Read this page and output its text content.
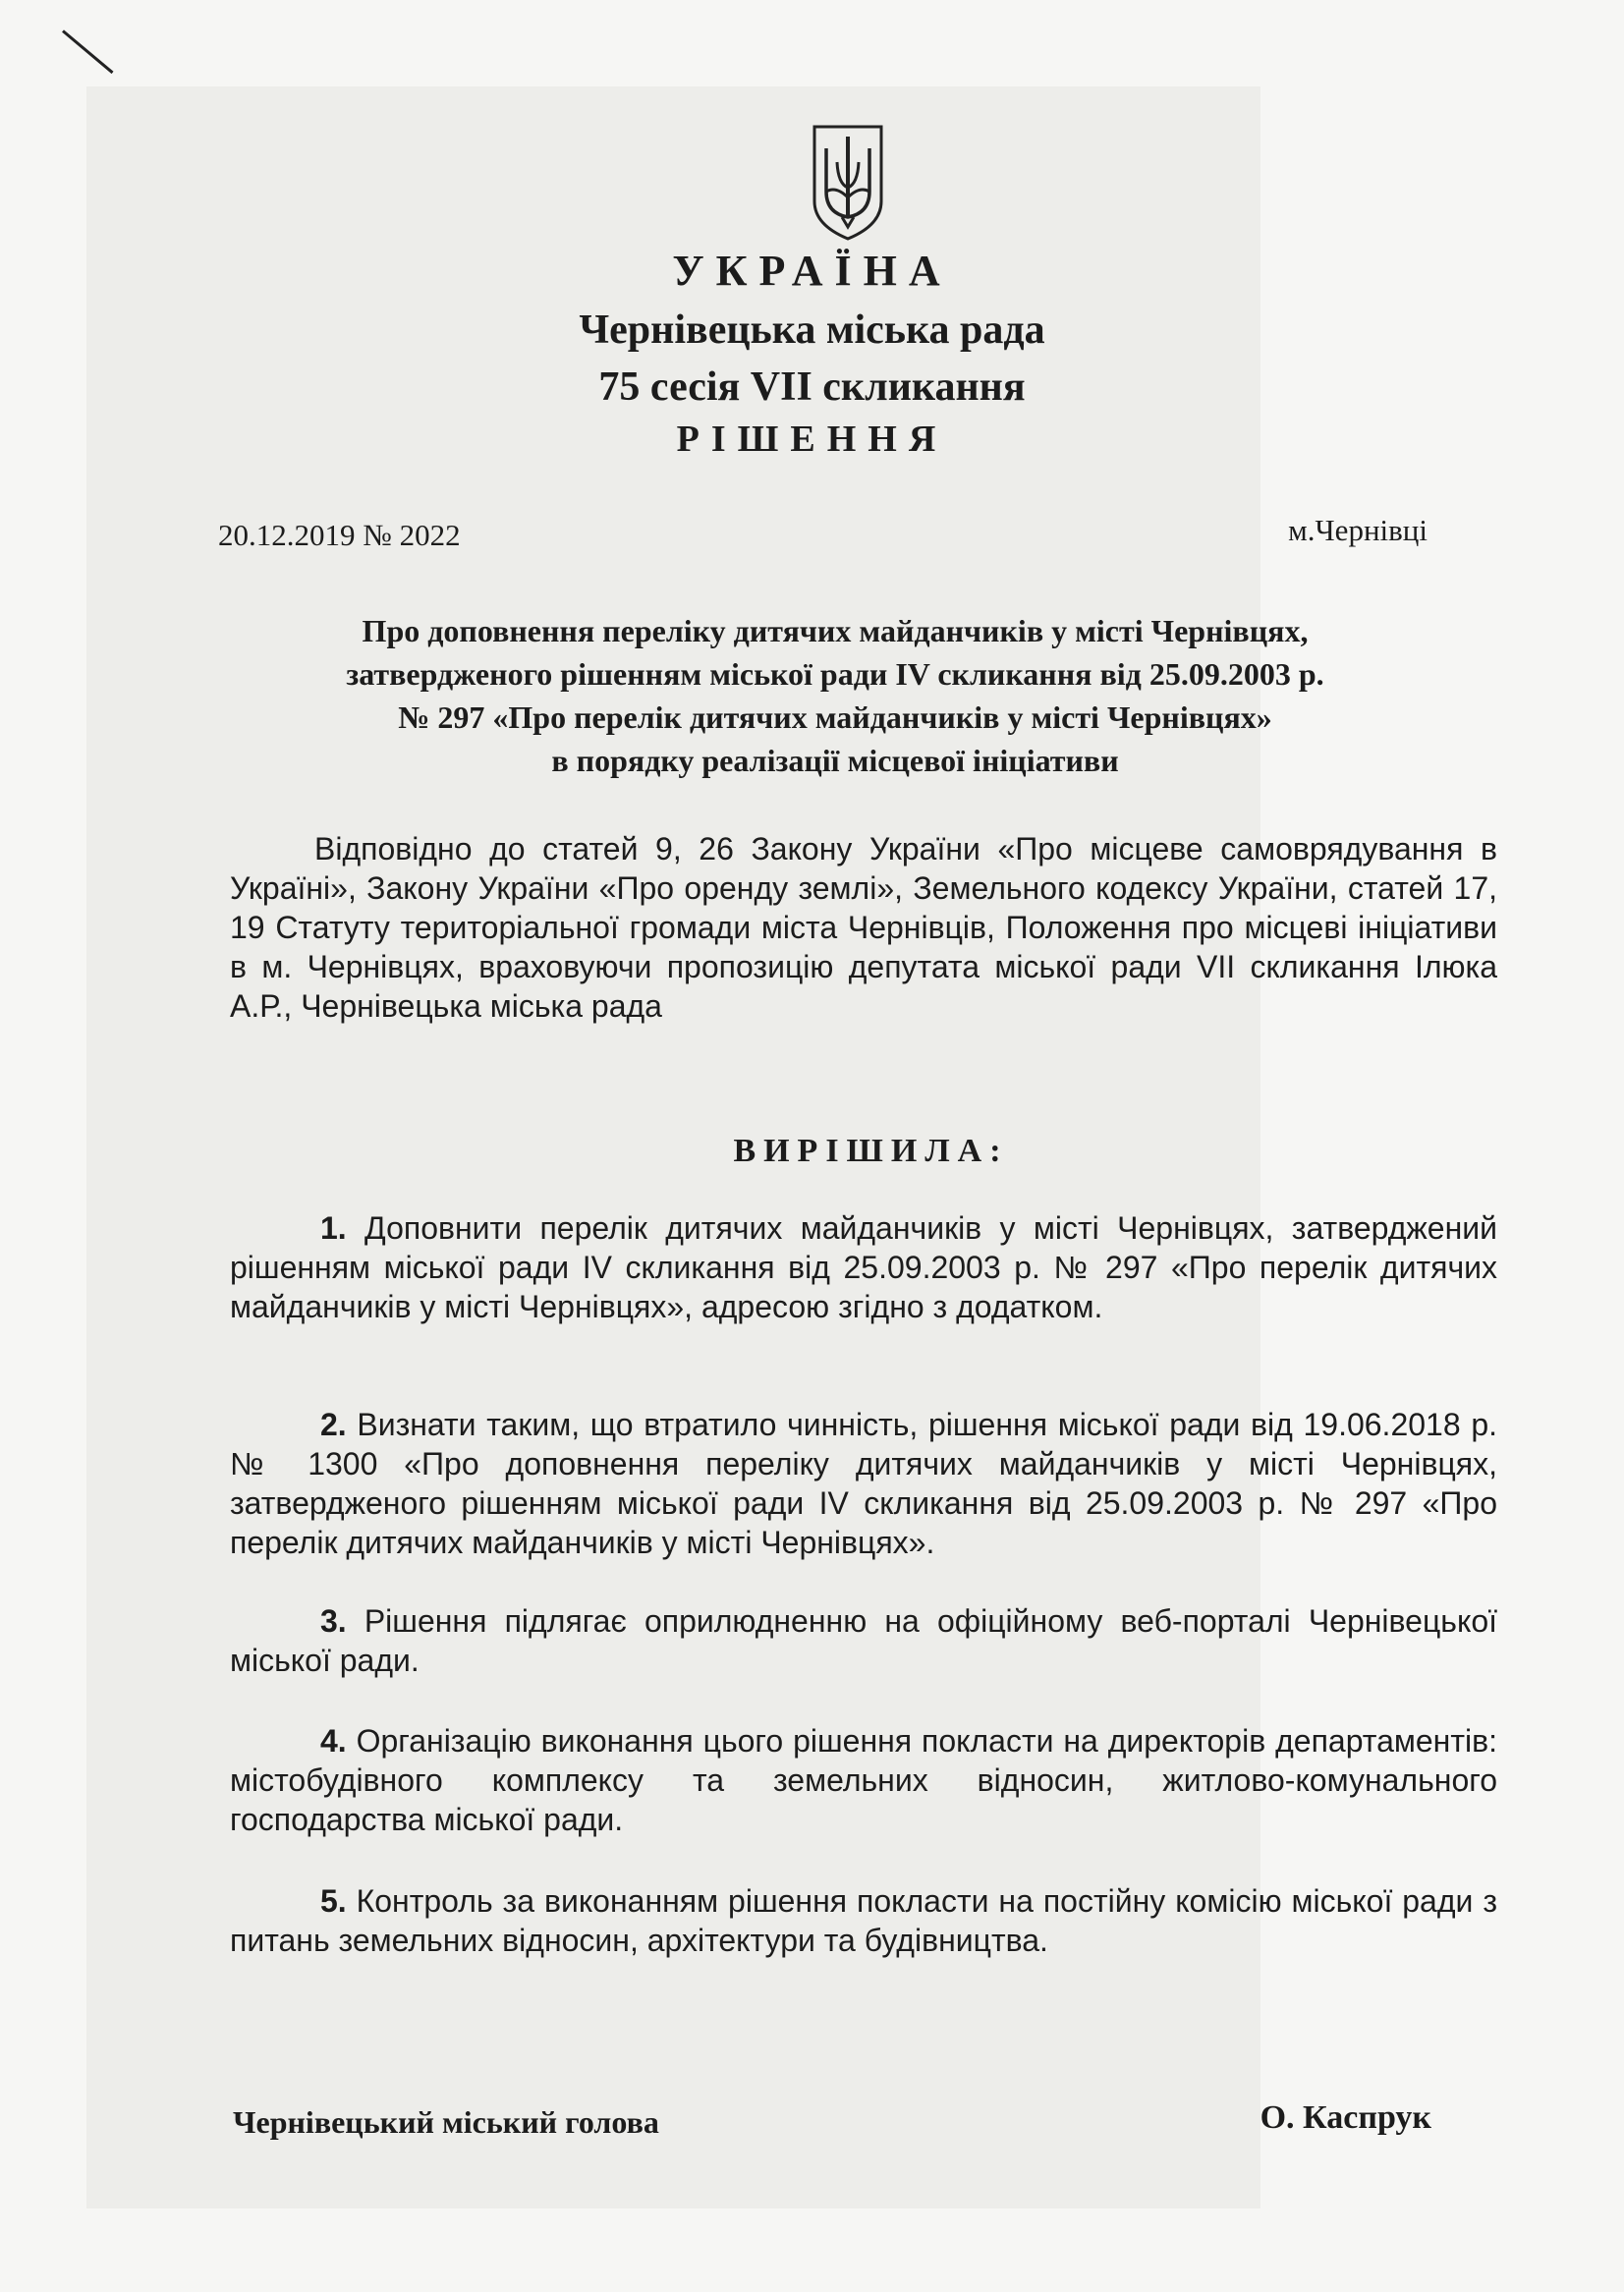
УКРАЇНА
Чернівецька міська рада
75 сесія VII скликання
РІШЕННЯ
20.12.2019 № 2022	м.Чернівці
Про доповнення переліку дитячих майданчиків у місті Чернівцях,
затвердженого рішенням міської ради IV скликання від 25.09.2003 р.
№ 297 «Про перелік дитячих майданчиків у місті Чернівцях»
в порядку реалізації місцевої ініціативи

Відповідно до статей 9, 26 Закону України «Про місцеве самоврядування в Україні», Закону України «Про оренду землі», Земельного кодексу України, статей 17, 19 Статуту територіальної громади міста Чернівців, Положення про місцеві ініціативи в м. Чернівцях, враховуючи пропозицію депутата міської ради VII скликання Ілюка А.Р., Чернівецька міська рада

ВИРІШИЛА:

1. Доповнити перелік дитячих майданчиків у місті Чернівцях, затверджений рішенням міської ради IV скликання від 25.09.2003 р. № 297 «Про перелік дитячих майданчиків у місті Чернівцях», адресою згідно з додатком.

2. Визнати таким, що втратило чинність, рішення міської ради від 19.06.2018 р. № 1300 «Про доповнення переліку дитячих майданчиків у місті Чернівцях, затвердженого рішенням міської ради IV скликання від 25.09.2003 р. № 297 «Про перелік дитячих майданчиків у місті Чернівцях».

3. Рішення підлягає оприлюдненню на офіційному веб-порталі Чернівецької міської ради.

4. Організацію виконання цього рішення покласти на директорів департаментів: містобудівного комплексу та земельних відносин, житлово-комунального господарства міської ради.

5. Контроль за виконанням рішення покласти на постійну комісію міської ради з питань земельних відносин, архітектури та будівництва.

Чернівецький міський голова	О. Каспрук
